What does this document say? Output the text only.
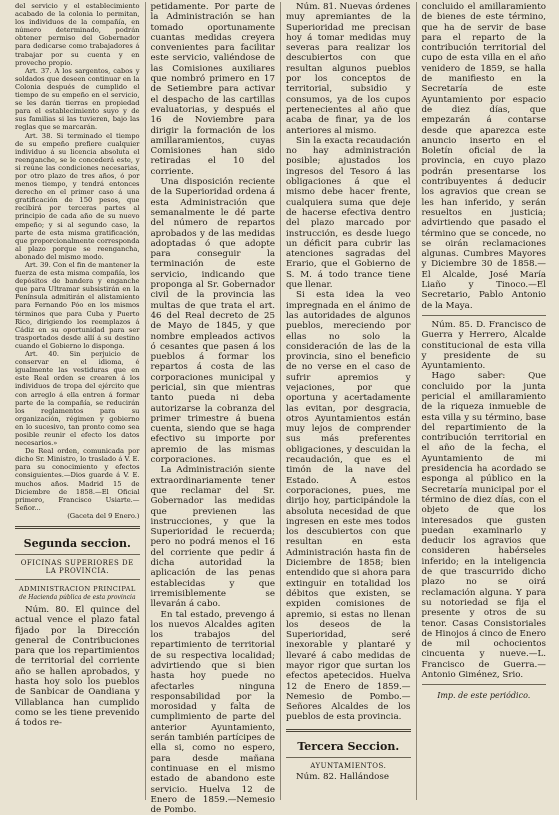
del servicio y el establecimiento acabado de la colonia lo permitan, los individuos de la compañía, en número determinado, podrán obtener permiso del Gobernador para dedicarse como trabajadores á trabajar por su cuenta y en provecho propio.

Art. 37. A los sargentos, cabos y soldados que deseen continuar en la Colonia después de cumplido el tiempo de su empeño en el servicio, se les darán tierras en propiedad para el establecimiento suyo y de sus familias si las tuvieren, bajo las reglas que se marcarán.

Art. 38. Si terminado el tiempo de su empeño prefiere cualquier individuo á su licencia absoluta el reenganche, se le concederá este, y si reúne las condiciones necesarias, por otro plazo de tres años, ó por menos tiempo, y tendrá entonces derecho en el primer caso á una gratificación de 150 pesos, que recibirá por terceras partes al principio de cada año de su nuevo empeño; y si al segundo caso, la parte de esta misma gratificación, que proporcionalmente corresponda al plazo porque se reengancha, abonado del mismo modo.

Art. 39. Con el fin de mantener la fuerza de esta misma compañía, los depósitos de bandera y enganche que para Ultramar subsistirán en la Península admitirán el alistamiento para Fernando Póo en los mismos términos que para Cuba y Puerto Rico, dirigiendo los reemplazos á Cádiz en su oportunidad para ser trasportados desde allí á su destino cuando el Gobierno lo disponga.

Art. 40. Sin perjuicio de conservar en el idioma, é igualmente las vestiduras que en este Real orden se crearen á los individuos de tropa del ejército que con arreglo á ella entren á formar parte de la compañía, se reducirán los reglamentos para su organización, régimen y gobierno en lo sucesivo, tan pronto como sea posible reunir el efecto los datos necesarios.»

De Real orden, comunicada por dicho Sr. Ministro, lo traslado á V. E. para su conocimiento y efectos consiguientes.—Dios guarde á V. E. muchos años. Madrid 15 de Diciembre de 1858.—El Oficial primero, Francisco Usiarte.—Señor...

(Gaceta del 9 Enero.)

Segunda seccion.
OFICINAS SUPERIORES DE LA PROVINCIA.
ADMINISTRACION PRINCIPAL
de Hacienda pública de esta provincia

Núm. 80. El quince del actual vence el plazo fatal fijado por la Dirección general de Contribuciones para que los repartimientos de territorial del corriente año se hallen aprobados, y hasta hoy solo los pueblos de Sanbicar de Oandiana y Villablanca han cumplido como se les tiene prevenido á todos re-

petidamente. Por parte de la Administración se han tomado oportunamente cuantas medidas creyera convenientes para facilitar este servicio, valiéndose de las Comisiones auxiliares que nombró primero en 17 de Setiembre para activar el despacho de las cartillas evaluatorias, y después el 16 de Noviembre para dirigir la formación de los amillaramientos, cuyas Comisiones han sido retiradas el 10 del corriente.

Una disposición reciente de la Superioridad ordena á esta Administración que semanalmente le dé parte del número de repartos aprobados y de las medidas adoptadas ó que adopte para conseguir la terminación de este servicio, indicando que proponga al Sr. Gobernador civil de la provincia las multas de que trata el art. 46 del Real decreto de 25 de Mayo de 1845, y que nombre empleados activos ó cesantes que pasen á los pueblos á formar los repartos á costa de las corporaciones municipal y pericial, sin que mientras tanto pueda ni deba autorizarse la cobranza del primer trimestre á buena cuenta, siendo que se haga efectivo su importe por apremio de las mismas corporaciones.

La Administración siente extraordinariamente tener que reclamar del Sr. Gobernador las medidas que previenen las instrucciones, y que la Superioridad le recuerda; pero no podrá menos el 16 del corriente que pedir á dicha autoridad la aplicación de las penas establecidas y que irremisiblemente se llevarán á cabo.

En tal estado, prevengo á los nuevos Alcaldes agiten los trabajos del repartimiento de territorial de su respectiva localidad; advirtiendo que si bien hasta hoy puede no afectarles ninguna responsabilidad por la morosidad y falta de cumplimiento de parte del anterior Ayuntamiento, serán también partícipes de ella si, como no espero, para desde mañana continuase en el mismo estado de abandono este servicio. Huelva 12 de Enero de 1859.—Nemesio de Pombo.

Núm. 81. Nuevas órdenes muy apremiantes de la Superioridad me precisan hoy á tomar medidas muy severas para realizar los descubiertos con que resultan algunos pueblos por los conceptos de territorial, subsidio y consumos, ya de los cupos pertenecientes al año que acaba de finar, ya de los anteriores al mismo.

Sin la exacta recaudación no hay administración posible; ajustados los ingresos del Tesoro á las obligaciones á que el mismo debe hacer frente, cualquiera suma que deje de hacerse efectiva dentro del plazo marcado por instrucción, es desde luego un déficit para cubrir las atenciones sagradas del Erario, que el Gobierno de S. M. á todo trance tiene que llenar.

Si esta idea la veo impregnada en el ánimo de las autoridades de algunos pueblos, mereciendo por ellas no solo la consideración de las de la provincia, sino el beneficio de no verse en el caso de sufrir apremios y vejaciones, por que oportuna y acertadamente las evitan, por desgracia, otros Ayuntamientos están muy lejos de comprender sus más preferentes obligaciones, y descuidan la recaudación, que es el timón de la nave del Estado. A estos corporaciones, pues, me dirijo hoy, participándole la absoluta necesidad de que ingresen en este mes todos los descubiertos con que resultan en esta Administración hasta fin de Diciembre de 1858; bien entendido que si ahora para extinguir en totalidad los débitos que existen, se expiden comisiones de apremio, si estas no llenan los deseos de la Superioridad, seré inexorable y plantaré y llevaré á cabo medidas de mayor rigor que surtan los efectos apetecidos. Huelva 12 de Enero de 1859.—Nemesio de Pombo.—Señores Alcaldes de los pueblos de esta provincia.

Tercera Seccion.
AYUNTAMIENTOS.

Núm. 82. Hallándose

concluido el amillaramiento de bienes de este término, que ha de servir de base para el reparto de la contribución territorial del cupo de esta villa en el año venidero de 1859, se halla de manifiesto en la Secretaría de este Ayuntamiento por espacio de diez días, que empezarán á contarse desde que aparezca este anuncio inserto en el Boletín oficial de la provincia, en cuyo plazo podrán presentarse los contribuyentes á deducir los agravios que crean se les han inferido, y serán resueltos en justicia; advirtiendo que pasado el término que se concede, no se oirán reclamaciones algunas. Cumbres Mayores y Diciembre 30 de 1858.—El Alcalde, José María Liaño y Tinoco.—El Secretario, Pablo Antonio de la Maya.

Núm. 85. D. Francisco de Guerra y Herrero, Alcalde constitucional de esta villa y presidente de su Ayuntamiento.

Hago saber: Que concluido por la junta pericial el amillaramiento de la riqueza inmueble de esta villa y su término, base del repartimiento de la contribución territorial en el año de la fecha, el Ayuntamiento de mi presidencia ha acordado se esponga al público en la Secretaría municipal por el término de diez días, con el objeto de que los interesados que gusten puedan examinarlo y deducir los agravios que consideren habérseles inferido; en la inteligencia de que trascurrido dicho plazo no se oirá reclamación alguna. Y para su notoriedad se fija el presente y otros de su tenor. Casas Consistoriales de Hinojos á cinco de Enero de mil ochocientos cincuenta y nueve.—L. Francisco de Guerra.—Antonio Giménez, Srio.

Imp. de este periódico.
